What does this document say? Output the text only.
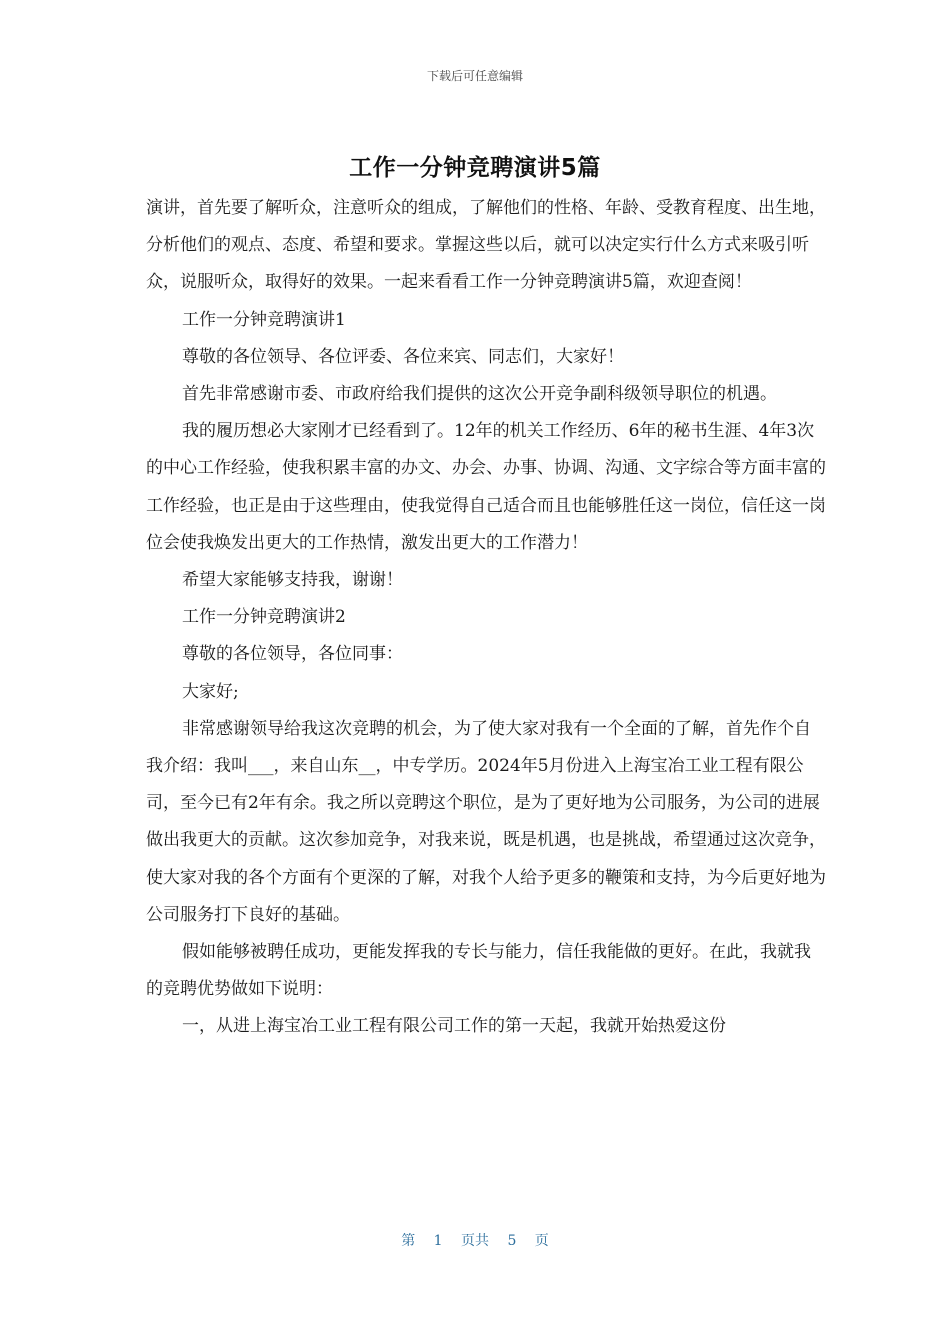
下载后可任意编辑
工作一分钟竞聘演讲5篇

演讲，首先要了解听众，注意听众的组成，了解他们的性格、年龄、受教育程度、出生地，分析他们的观点、态度、希望和要求。掌握这些以后，就可以决定实行什么方式来吸引听众，说服听众，取得好的效果。一起来看看工作一分钟竞聘演讲5篇，欢迎查阅！

工作一分钟竞聘演讲1

尊敬的各位领导、各位评委、各位来宾、同志们，大家好！

首先非常感谢市委、市政府给我们提供的这次公开竞争副科级领导职位的机遇。

我的履历想必大家刚才已经看到了。12年的机关工作经历、6年的秘书生涯、4年3次的中心工作经验，使我积累丰富的办文、办会、办事、协调、沟通、文字综合等方面丰富的工作经验，也正是由于这些理由，使我觉得自己适合而且也能够胜任这一岗位，信任这一岗位会使我焕发出更大的工作热情，激发出更大的工作潜力！

希望大家能够支持我，谢谢！

工作一分钟竞聘演讲2

尊敬的各位领导，各位同事：

大家好;

非常感谢领导给我这次竞聘的机会，为了使大家对我有一个全面的了解，首先作个自我介绍：我叫___，来自山东__，中专学历。2024年5月份进入上海宝冶工业工程有限公司，至今已有2年有余。我之所以竞聘这个职位，是为了更好地为公司服务，为公司的进展做出我更大的贡献。这次参加竞争，对我来说，既是机遇，也是挑战，希望通过这次竞争，使大家对我的各个方面有个更深的了解，对我个人给予更多的鞭策和支持，为今后更好地为公司服务打下良好的基础。

假如能够被聘任成功，更能发挥我的专长与能力，信任我能做的更好。在此，我就我的竞聘优势做如下说明：

一，从进上海宝冶工业工程有限公司工作的第一天起，我就开始热爱这份

第 1 页共 5 页
